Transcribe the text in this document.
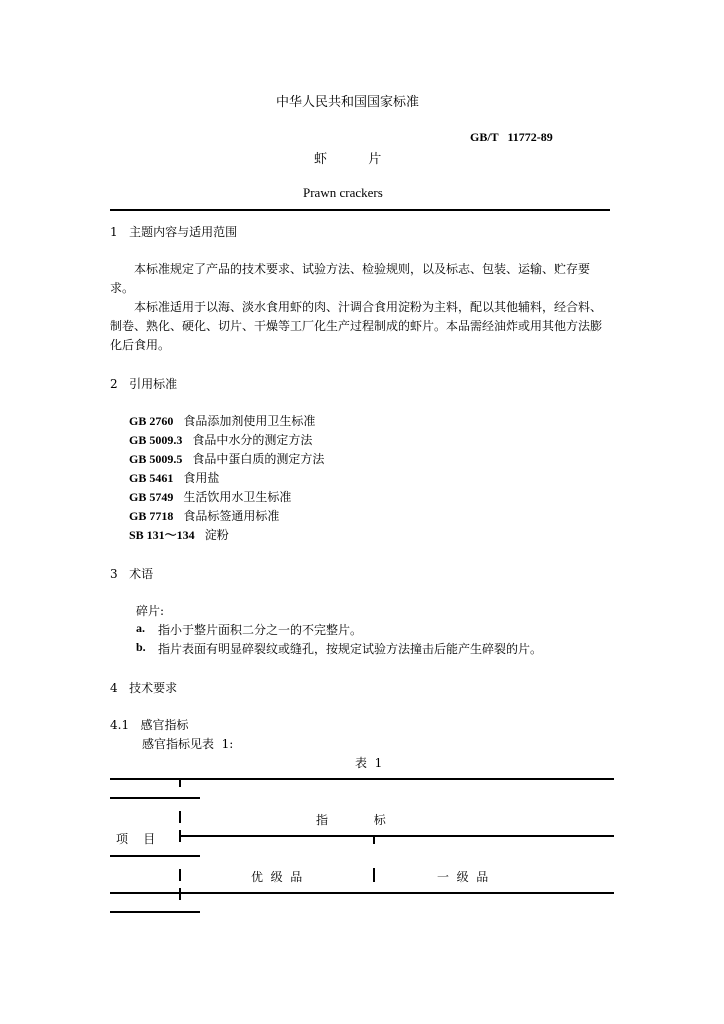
中华人民共和国国家标准
GB/T   11772-89
虾          片
Prawn crackers
1   主题内容与适用范围

本标准规定了产品的技术要求、试验方法、检验规则，以及标志、包装、运输、贮存要求。

本标准适用于以海、淡水食用虾的肉、汁调合食用淀粉为主料，配以其他辅料，经合料、制卷、熟化、硬化、切片、干燥等工厂化生产过程制成的虾片。本品需经油炸或用其他方法膨化后食用。

2   引用标准
GB 2760 食品添加剂使用卫生标准
GB 5009.3 食品中水分的测定方法
GB 5009.5 食品中蛋白质的测定方法
GB 5461 食用盐
GB 5749 生活饮用水卫生标准
GB 7718 食品标签通用标准
SB 131～134 淀粉
3   术语
碎片:
a. 指小于整片面积二分之一的不完整片。
b. 指片表面有明显碎裂纹或缝孔，按规定试验方法撞击后能产生碎裂的片。
4   技术要求
4.1   感官指标
感官指标见表  1:
表  1
项    目
指            标
优  级  品	一  级  品
